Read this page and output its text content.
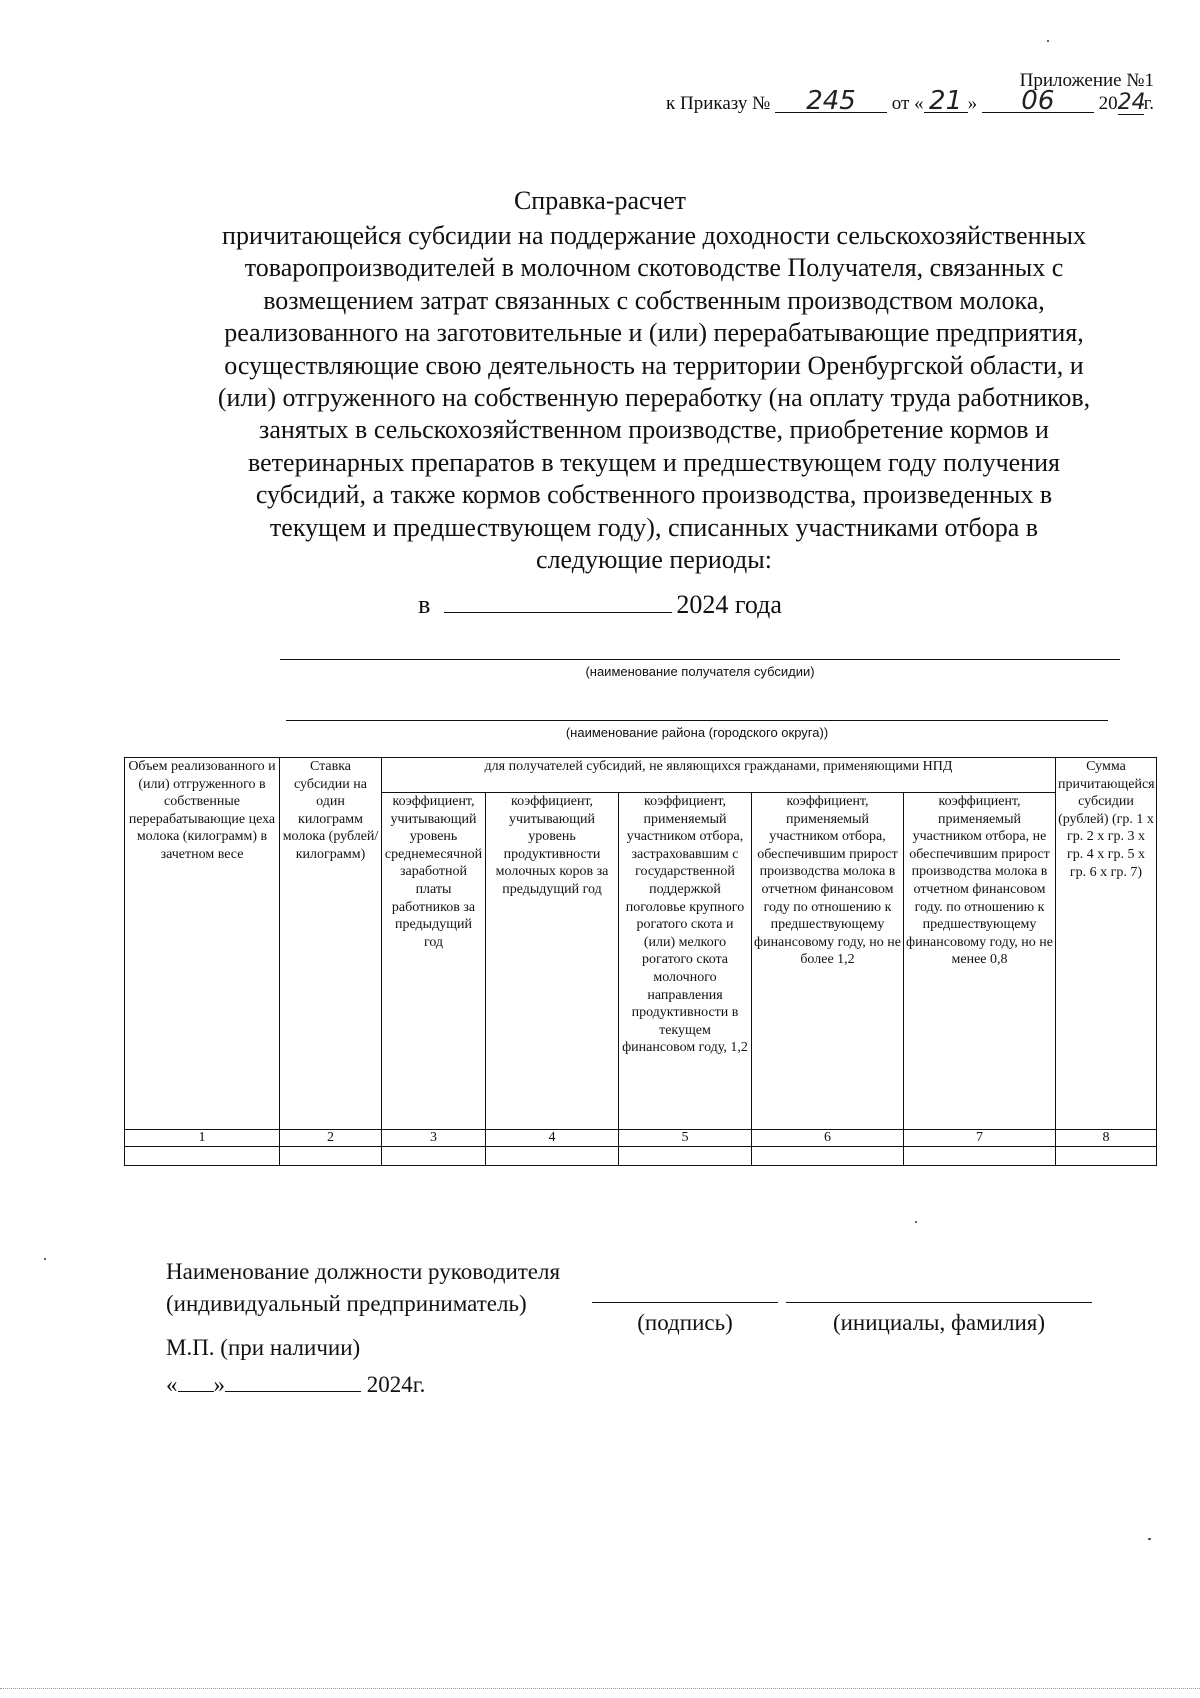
Приложение №1
к Приказу № 245 от « 21 » 06 2024г.
Справка-расчет
причитающейся субсидии на поддержание доходности сельскохозяйственных
товаропроизводителей в молочном скотоводстве Получателя, связанных с
возмещением затрат связанных с собственным производством молока,
реализованного на заготовительные и (или) перерабатывающие предприятия,
осуществляющие свою деятельность на территории Оренбургской области, и
(или) отгруженного на собственную переработку (на оплату труда работников,
занятых в сельскохозяйственном производстве, приобретение кормов и
ветеринарных препаратов в текущем и предшествующем году получения
субсидий, а также кормов собственного производства, произведенных в
текущем и предшествующем году), списанных участниками отбора в
следующие периоды:
в	2024 года
(наименование получателя субсидии)
(наименование района (городского округа))
Объем реализованного и (или) отгруженного в собственные перерабатывающие цеха молока (килограмм) в зачетном весе	Ставка субсидии на один килограмм молока (рублей/ килограмм)	для получателей субсидий, не являющихся гражданами, применяющими НПД					Сумма причитающейся субсидии (рублей) (гр. 1 х гр. 2 х гр. 3 х гр. 4 х гр. 5 х гр. 6 х гр. 7)
		коэффициент, учитывающий уровень среднемесячной заработной платы работников за предыдущий год	коэффициент, учитывающий уровень продуктивности молочных коров за предыдущий год	коэффициент, применяемый участником отбора, застраховавшим с государственной поддержкой поголовье крупного рогатого скота и (или) мелкого рогатого скота молочного направления продуктивности в текущем финансовом году, 1,2	коэффициент, применяемый участником отбора, обеспечившим прирост производства молока в отчетном финансовом году по отношению к предшествующему финансовому году, но не более 1,2	коэффициент, применяемый участником отбора, не обеспечившим прирост производства молока в отчетном финансовом году. по отношению к предшествующему финансовому году, но не менее 0,8	
1	2	3	4	5	6	7	8

Наименование должности руководителя
(индивидуальный предприниматель)
(подпись)	(инициалы, фамилия)
М.П. (при наличии)
« »	2024г.
